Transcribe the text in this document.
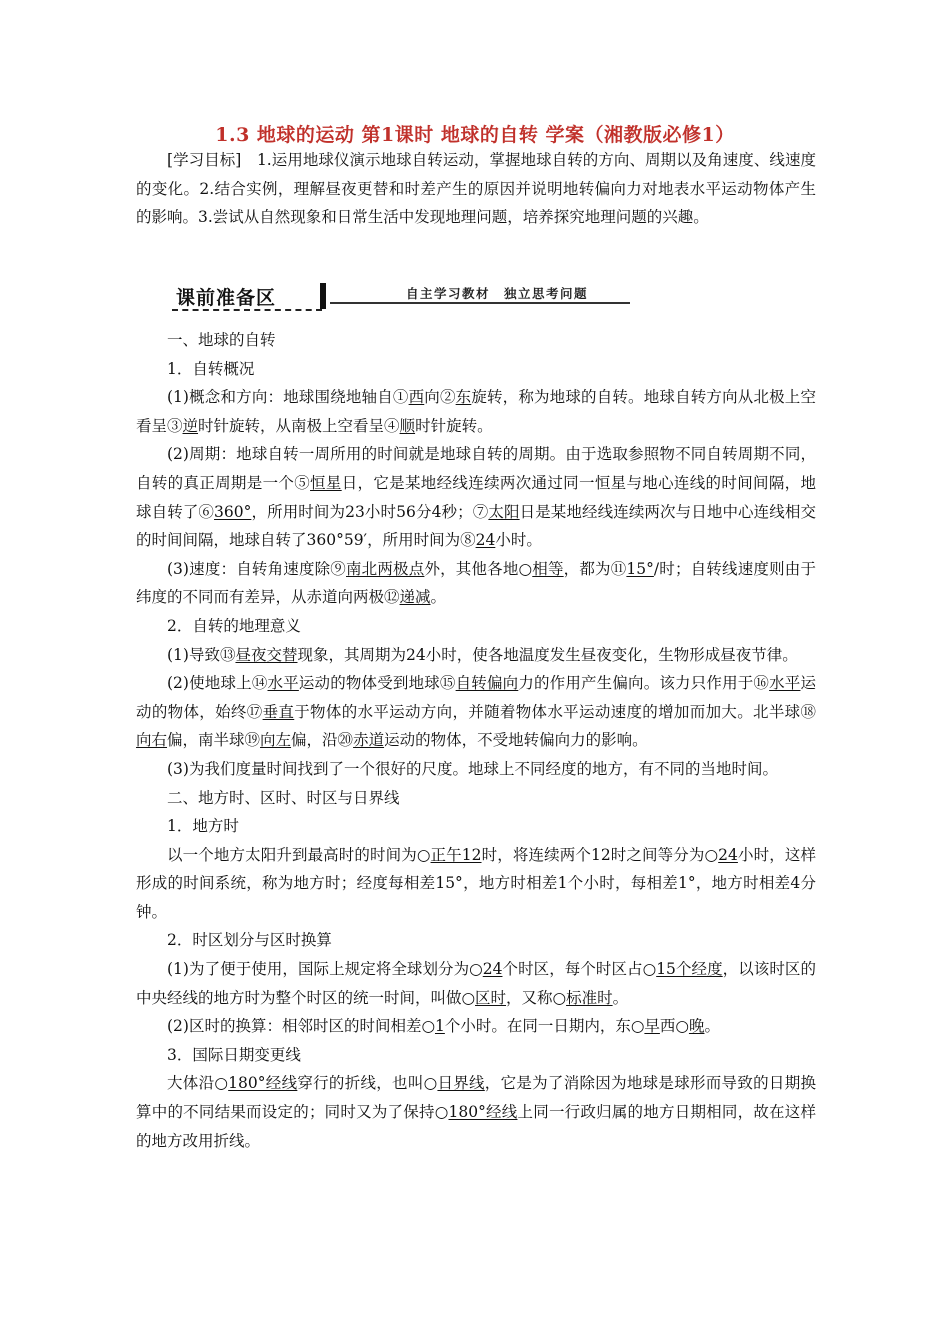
1.3 地球的运动 第1课时 地球的自转 学案（湘教版必修1）

[学习目标]　1.运用地球仪演示地球自转运动，掌握地球自转的方向、周期以及角速度、线速度的变化。2.结合实例，理解昼夜更替和时差产生的原因并说明地转偏向力对地表水平运动物体产生的影响。3.尝试从自然现象和日常生活中发现地理问题，培养探究地理问题的兴趣。

课前准备区	自主学习教材　独立思考问题

一、地球的自转

1．自转概况

(1)概念和方向：地球围绕地轴自①西向②东旋转，称为地球的自转。地球自转方向从北极上空看呈③逆时针旋转，从南极上空看呈④顺时针旋转。

(2)周期：地球自转一周所用的时间就是地球自转的周期。由于选取参照物不同自转周期不同，自转的真正周期是一个⑤恒星日，它是某地经线连续两次通过同一恒星与地心连线的时间间隔，地球自转了⑥360°，所用时间为23小时56分4秒；⑦太阳日是某地经线连续两次与日地中心连线相交的时间间隔，地球自转了360°59′，所用时间为⑧24小时。

(3)速度：自转角速度除⑨南北两极点外，其他各地○相等，都为⑪15°/时；自转线速度则由于纬度的不同而有差异，从赤道向两极⑫递减。

2．自转的地理意义

(1)导致⑬昼夜交替现象，其周期为24小时，使各地温度发生昼夜变化，生物形成昼夜节律。

(2)使地球上⑭水平运动的物体受到地球⑮自转偏向力的作用产生偏向。该力只作用于⑯水平运动的物体，始终⑰垂直于物体的水平运动方向，并随着物体水平运动速度的增加而加大。北半球⑱向右偏，南半球⑲向左偏，沿⑳赤道运动的物体，不受地转偏向力的影响。

(3)为我们度量时间找到了一个很好的尺度。地球上不同经度的地方，有不同的当地时间。

二、地方时、区时、时区与日界线

1．地方时

以一个地方太阳升到最高时的时间为○正午12时，将连续两个12时之间等分为○24小时，这样形成的时间系统，称为地方时；经度每相差15°，地方时相差1个小时，每相差1°，地方时相差4分钟。

2．时区划分与区时换算

(1)为了便于使用，国际上规定将全球划分为○24个时区，每个时区占○15个经度，以该时区的中央经线的地方时为整个时区的统一时间，叫做○区时，又称○标准时。

(2)区时的换算：相邻时区的时间相差○1个小时。在同一日期内，东○早西○晚。

3．国际日期变更线

大体沿○180°经线穿行的折线，也叫○日界线，它是为了消除因为地球是球形而导致的日期换算中的不同结果而设定的；同时又为了保持○180°经线上同一行政归属的地方日期相同，故在这样的地方改用折线。
